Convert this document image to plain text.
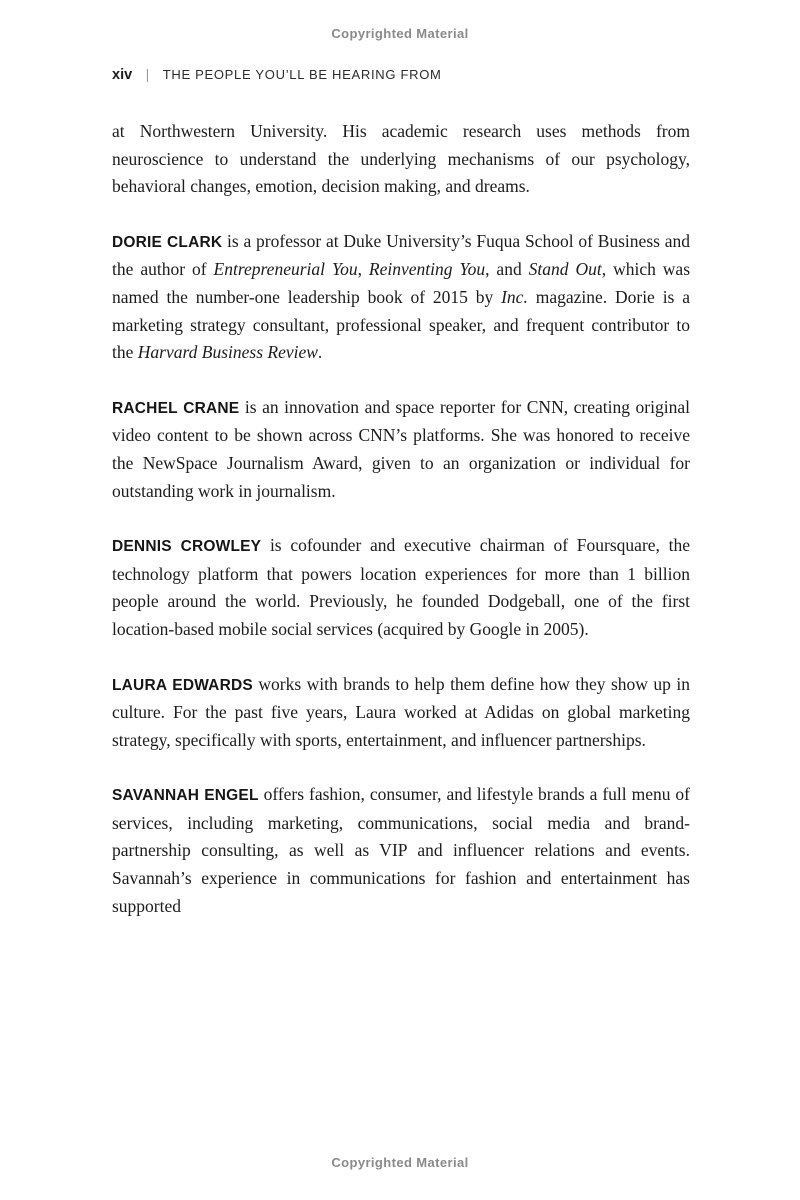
Copyrighted Material
xiv | THE PEOPLE YOU’LL BE HEARING FROM

at Northwestern University. His academic research uses methods from neuroscience to understand the underlying mechanisms of our psychology, behavioral changes, emotion, decision making, and dreams.

DORIE CLARK is a professor at Duke University’s Fuqua School of Business and the author of Entrepreneurial You, Reinventing You, and Stand Out, which was named the number-one leadership book of 2015 by Inc. magazine. Dorie is a marketing strategy consultant, professional speaker, and frequent contributor to the Harvard Business Review.

RACHEL CRANE is an innovation and space reporter for CNN, creating original video content to be shown across CNN’s platforms. She was honored to receive the NewSpace Journalism Award, given to an organization or individual for outstanding work in journalism.

DENNIS CROWLEY is cofounder and executive chairman of Foursquare, the technology platform that powers location experiences for more than 1 billion people around the world. Previously, he founded Dodgeball, one of the first location-based mobile social services (acquired by Google in 2005).

LAURA EDWARDS works with brands to help them define how they show up in culture. For the past five years, Laura worked at Adidas on global marketing strategy, specifically with sports, entertainment, and influencer partnerships.

SAVANNAH ENGEL offers fashion, consumer, and lifestyle brands a full menu of services, including marketing, communications, social media and brand-partnership consulting, as well as VIP and influencer relations and events. Savannah’s experience in communications for fashion and entertainment has supported

Copyrighted Material
